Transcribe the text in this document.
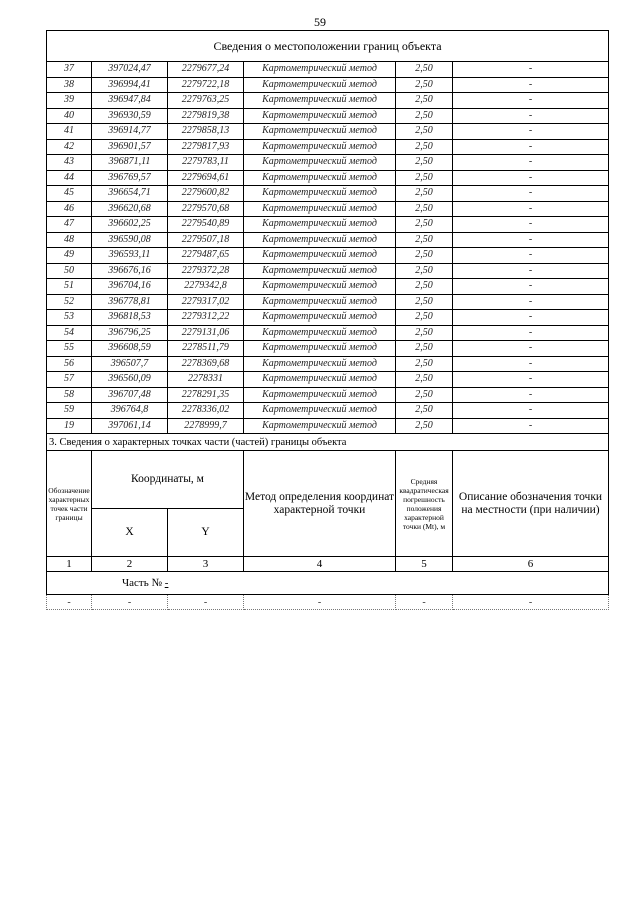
59
Сведения о местоположении границ объекта					
37	397024,47	2279677,24	Картометрический метод	2,50	-
38	396994,41	2279722,18	Картометрический метод	2,50	-
39	396947,84	2279763,25	Картометрический метод	2,50	-
40	396930,59	2279819,38	Картометрический метод	2,50	-
41	396914,77	2279858,13	Картометрический метод	2,50	-
42	396901,57	2279817,93	Картометрический метод	2,50	-
43	396871,11	2279783,11	Картометрический метод	2,50	-
44	396769,57	2279694,61	Картометрический метод	2,50	-
45	396654,71	2279600,82	Картометрический метод	2,50	-
46	396620,68	2279570,68	Картометрический метод	2,50	-
47	396602,25	2279540,89	Картометрический метод	2,50	-
48	396590,08	2279507,18	Картометрический метод	2,50	-
49	396593,11	2279487,65	Картометрический метод	2,50	-
50	396676,16	2279372,28	Картометрический метод	2,50	-
51	396704,16	2279342,8	Картометрический метод	2,50	-
52	396778,81	2279317,02	Картометрический метод	2,50	-
53	396818,53	2279312,22	Картометрический метод	2,50	-
54	396796,25	2279131,06	Картометрический метод	2,50	-
55	396608,59	2278511,79	Картометрический метод	2,50	-
56	396507,7	2278369,68	Картометрический метод	2,50	-
57	396560,09	2278331	Картометрический метод	2,50	-
58	396707,48	2278291,35	Картометрический метод	2,50	-
59	396764,8	2278336,02	Картометрический метод	2,50	-
19	397061,14	2278999,7	Картометрический метод	2,50	-
3. Сведения о характерных точках части (частей) границы объекта					
Обозначение характерных точек части границы	Координаты, м		Метод определения координат характерной точки	Средняя квадратическая погрешность положения характерной точки (Mt), м	Описание обозначения точки на местности (при наличии)
	X	Y			
1	2	3	4	5	6
Часть № -					
-	-	-	-	-	-
